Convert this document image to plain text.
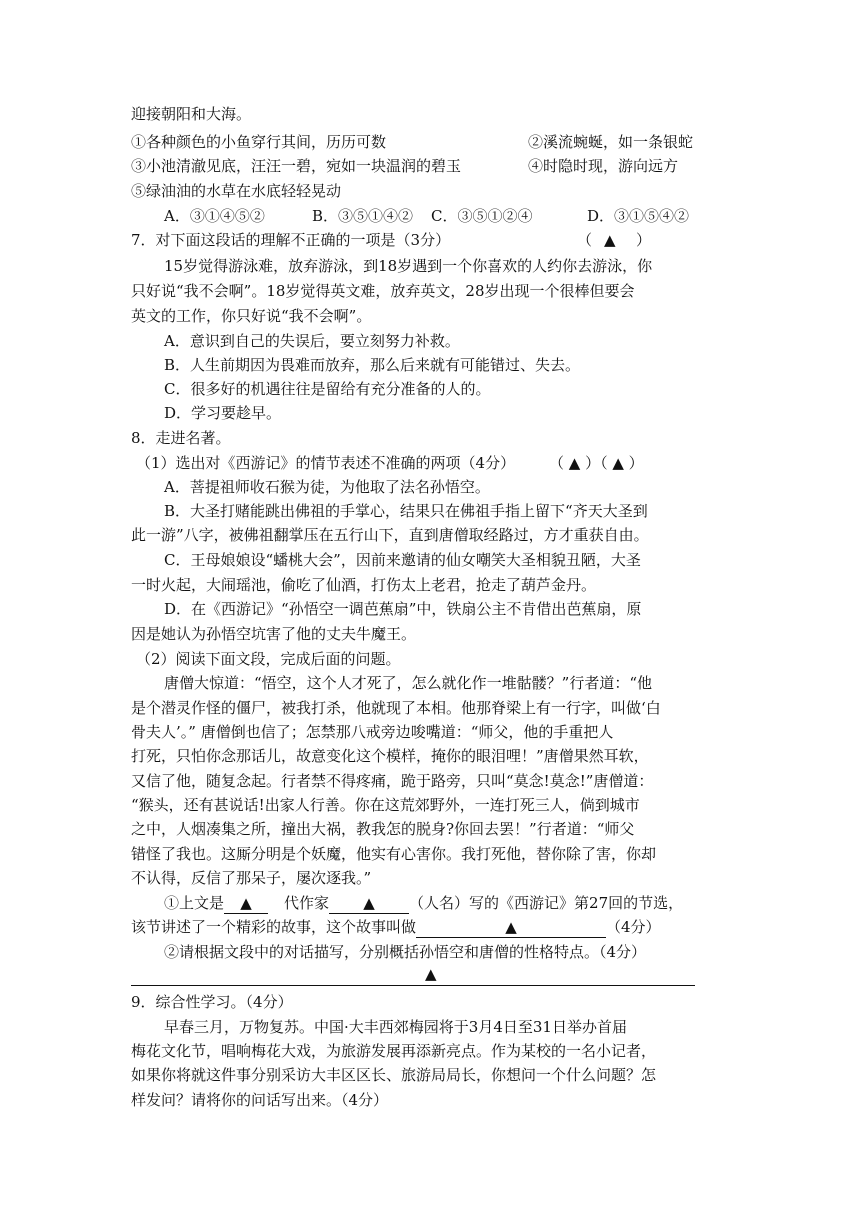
迎接朝阳和大海。
①各种颜色的小鱼穿行其间，历历可数	②溪流蜿蜒，如一条银蛇
③小池清澈见底，汪汪一碧，宛如一块温润的碧玉	④时隐时现，游向远方
⑤绿油油的水草在水底轻轻晃动
A．③①④⑤②	B．③⑤①④② C．③⑤①②④	D．③①⑤④②
7．对下面这段话的理解不正确的一项是（3分）	（ ▲ ）
15岁觉得游泳难，放弃游泳，到18岁遇到一个你喜欢的人约你去游泳，你
只好说“我不会啊”。18岁觉得英文难，放弃英文，28岁出现一个很棒但要会
英文的工作，你只好说“我不会啊”。
A．意识到自己的失误后，要立刻努力补救。
B．人生前期因为畏难而放弃，那么后来就有可能错过、失去。
C．很多好的机遇往往是留给有充分准备的人的。
D．学习要趁早。
8．走进名著。
（1）选出对《西游记》的情节表述不准确的两项（4分） （ ▲ ）（ ▲ ）
A．菩提祖师收石猴为徒，为他取了法名孙悟空。
B．大圣打赌能跳出佛祖的手掌心，结果只在佛祖手指上留下“齐天大圣到
此一游”八字，被佛祖翻掌压在五行山下，直到唐僧取经路过，方才重获自由。
C．王母娘娘设“蟠桃大会”，因前来邀请的仙女嘲笑大圣相貌丑陋，大圣
一时火起，大闹瑶池，偷吃了仙酒，打伤太上老君，抢走了葫芦金丹。
D．在《西游记》“孙悟空一调芭蕉扇”中，铁扇公主不肯借出芭蕉扇，原
因是她认为孙悟空坑害了他的丈夫牛魔王。
（2）阅读下面文段，完成后面的问题。
唐僧大惊道：“悟空，这个人才死了，怎么就化作一堆骷髅？”行者道：“他
是个潜灵作怪的僵尸，被我打杀，他就现了本相。他那脊梁上有一行字，叫做‘白
骨夫人’。” 唐僧倒也信了；怎禁那八戒旁边唆嘴道：“师父，他的手重把人
打死，只怕你念那话儿，故意变化这个模样，掩你的眼泪哩！”唐僧果然耳软，
又信了他，随复念起。行者禁不得疼痛，跪于路旁，只叫“莫念!莫念!”唐僧道：
“猴头，还有甚说话!出家人行善。你在这荒郊野外，一连打死三人，倘到城市
之中，人烟凑集之所，撞出大祸，教我怎的脱身?你回去罢！”行者道：“师父
错怪了我也。这厮分明是个妖魔，他实有心害你。我打死他，替你除了害，你却
不认得，反信了那呆子，屡次逐我。”
①上文是 ▲ 代作家 ▲ （人名）写的《西游记》第27回的节选，
该节讲述了一个精彩的故事，这个故事叫做	▲	（4分）
②请根据文段中的对话描写，分别概括孙悟空和唐僧的性格特点。（4分）
▲
9．综合性学习。（4分）
早春三月，万物复苏。中国·大丰西郊梅园将于3月4日至31日举办首届
梅花文化节，唱响梅花大戏，为旅游发展再添新亮点。作为某校的一名小记者，
如果你将就这件事分别采访大丰区区长、旅游局局长，你想问一个什么问题？怎
样发问？请将你的问话写出来。（4分）
